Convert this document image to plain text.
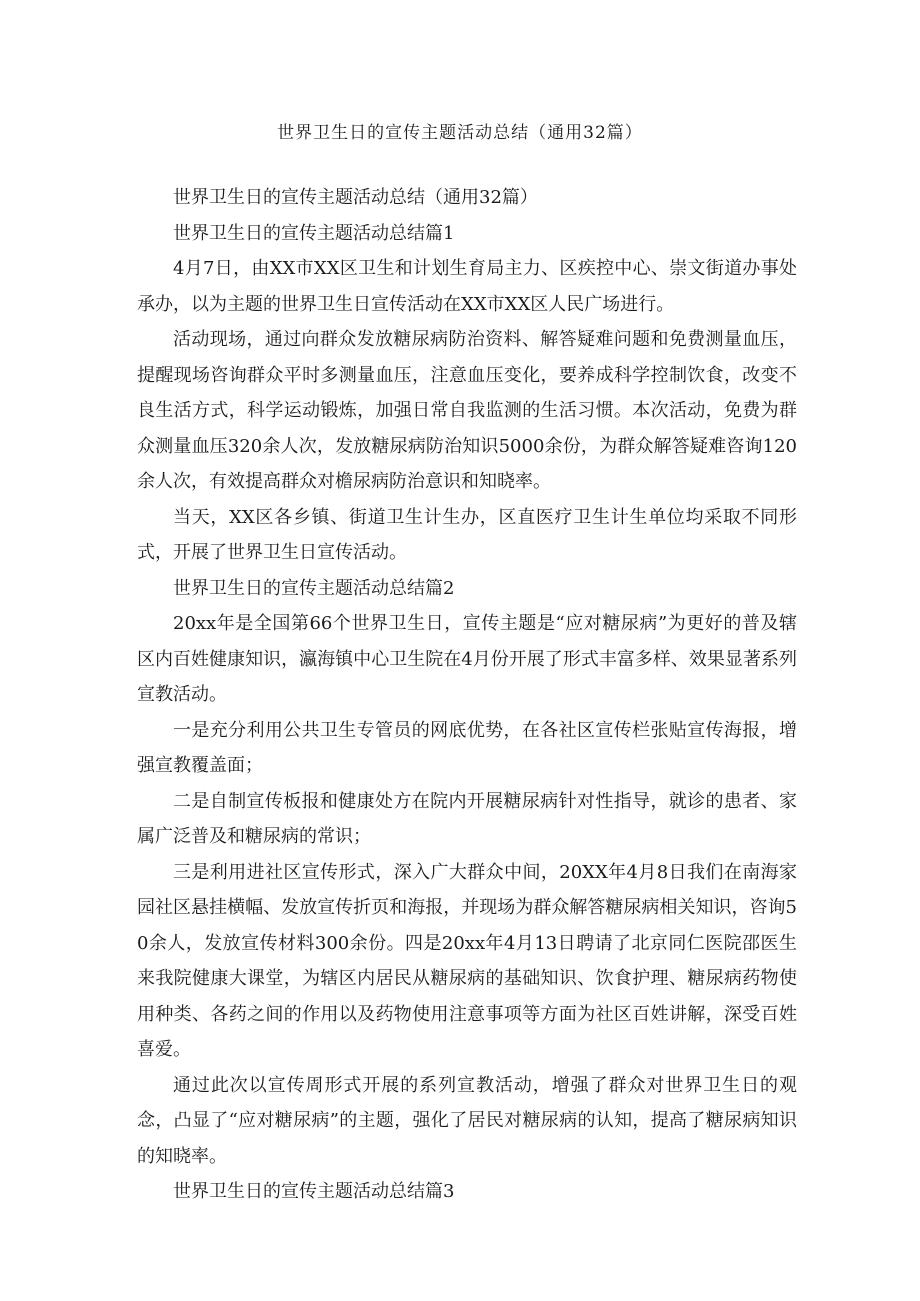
世界卫生日的宣传主题活动总结（通用32篇）

世界卫生日的宣传主题活动总结（通用32篇）

世界卫生日的宣传主题活动总结篇1

4月7日，由XX市XX区卫生和计划生育局主力、区疾控中心、崇文街道办事处承办，以为主题的世界卫生日宣传活动在XX市XX区人民广场进行。

活动现场，通过向群众发放糖尿病防治资料、解答疑难问题和免费测量血压，提醒现场咨询群众平时多测量血压，注意血压变化，要养成科学控制饮食，改变不良生活方式，科学运动锻炼，加强日常自我监测的生活习惯。本次活动，免费为群众测量血压320余人次，发放糖尿病防治知识5000余份，为群众解答疑难咨询120余人次，有效提高群众对檐尿病防治意识和知晓率。

当天，XX区各乡镇、街道卫生计生办，区直医疗卫生计生单位均采取不同形式，开展了世界卫生日宣传活动。

世界卫生日的宣传主题活动总结篇2

20xx年是全国第66个世界卫生日，宣传主题是“应对糖尿病”为更好的普及辖区内百姓健康知识，瀛海镇中心卫生院在4月份开展了形式丰富多样、效果显著系列宣教活动。

一是充分利用公共卫生专管员的网底优势，在各社区宣传栏张贴宣传海报，增强宣教覆盖面；

二是自制宣传板报和健康处方在院内开展糖尿病针对性指导，就诊的患者、家属广泛普及和糖尿病的常识；

三是利用进社区宣传形式，深入广大群众中间，20XX年4月8日我们在南海家园社区悬挂横幅、发放宣传折页和海报，并现场为群众解答糖尿病相关知识，咨询50余人，发放宣传材料300余份。四是20xx年4月13日聘请了北京同仁医院邵医生来我院健康大课堂，为辖区内居民从糖尿病的基础知识、饮食护理、糖尿病药物使用种类、各药之间的作用以及药物使用注意事项等方面为社区百姓讲解，深受百姓喜爱。

通过此次以宣传周形式开展的系列宣教活动，增强了群众对世界卫生日的观念，凸显了“应对糖尿病”的主题，强化了居民对糖尿病的认知，提高了糖尿病知识的知晓率。

世界卫生日的宣传主题活动总结篇3
